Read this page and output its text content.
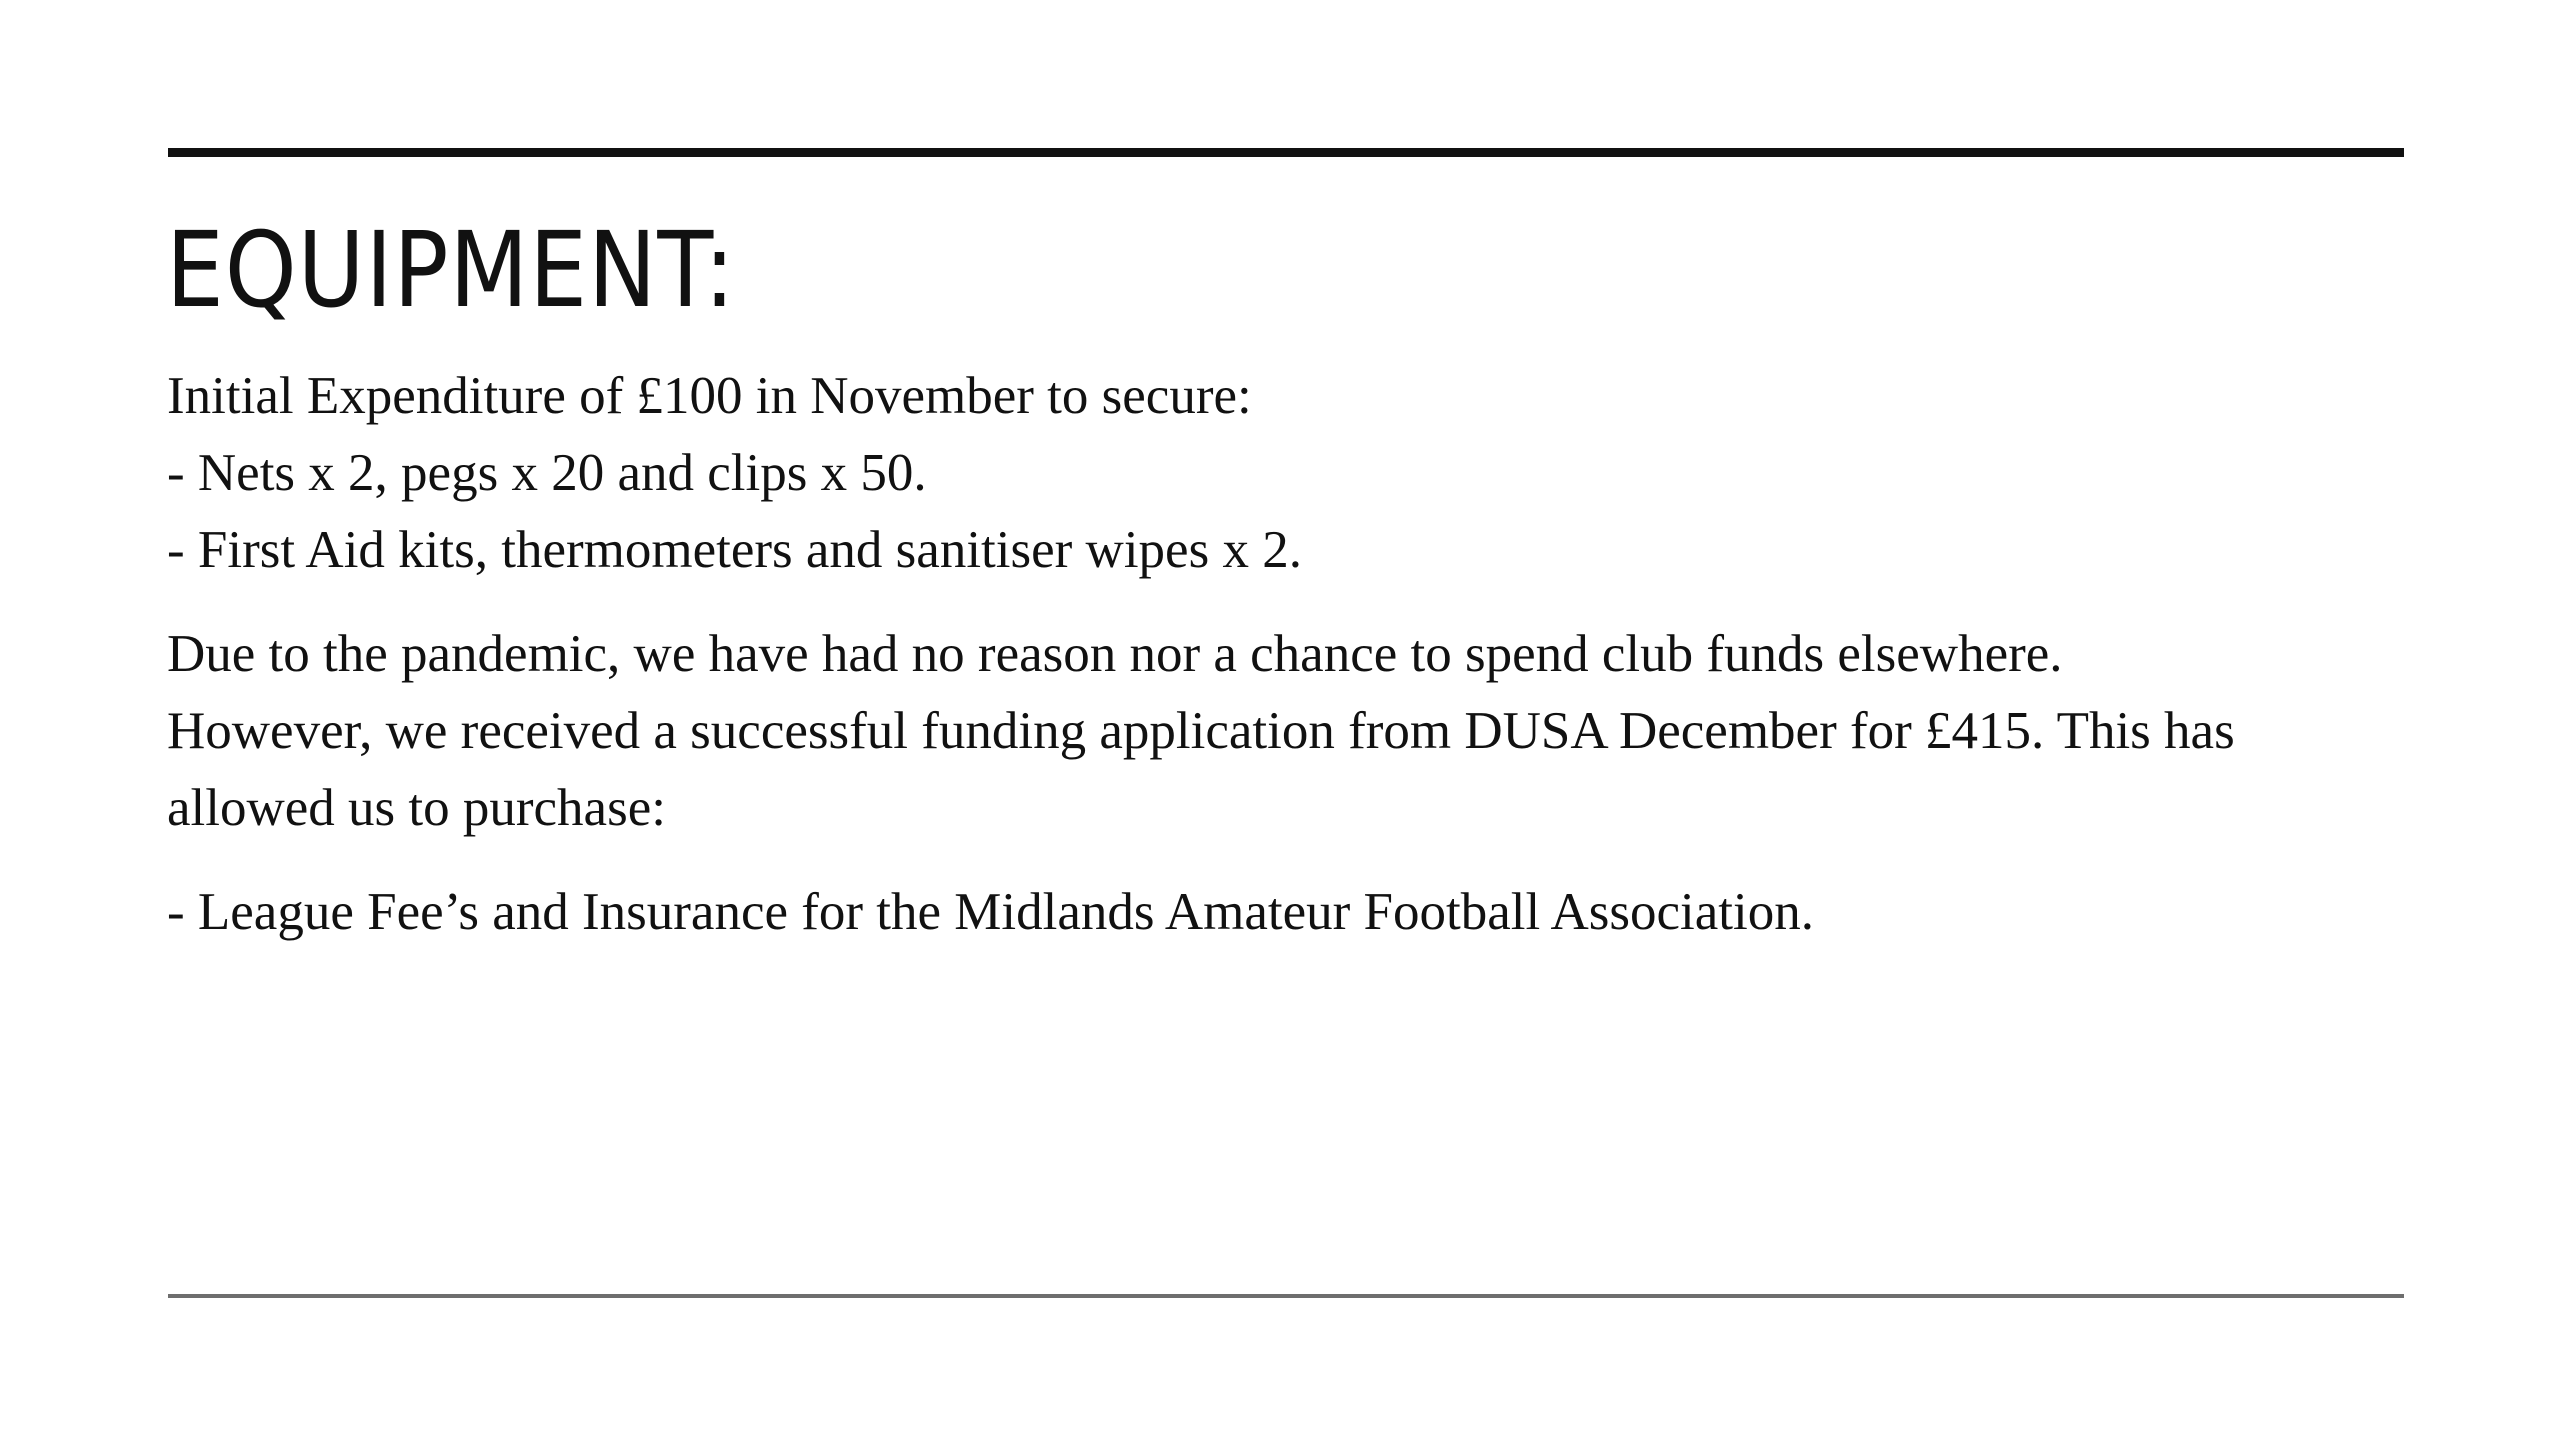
EQUIPMENT:
Initial Expenditure of £100 in November to secure:
- Nets x 2, pegs x 20 and clips x 50.
- First Aid kits, thermometers and sanitiser wipes x 2.
Due to the pandemic, we have had no reason nor a chance to spend club funds elsewhere.
However, we received a successful funding application from DUSA December for £415. This has
allowed us to purchase:
- League Fee’s and Insurance for the Midlands Amateur Football Association.
